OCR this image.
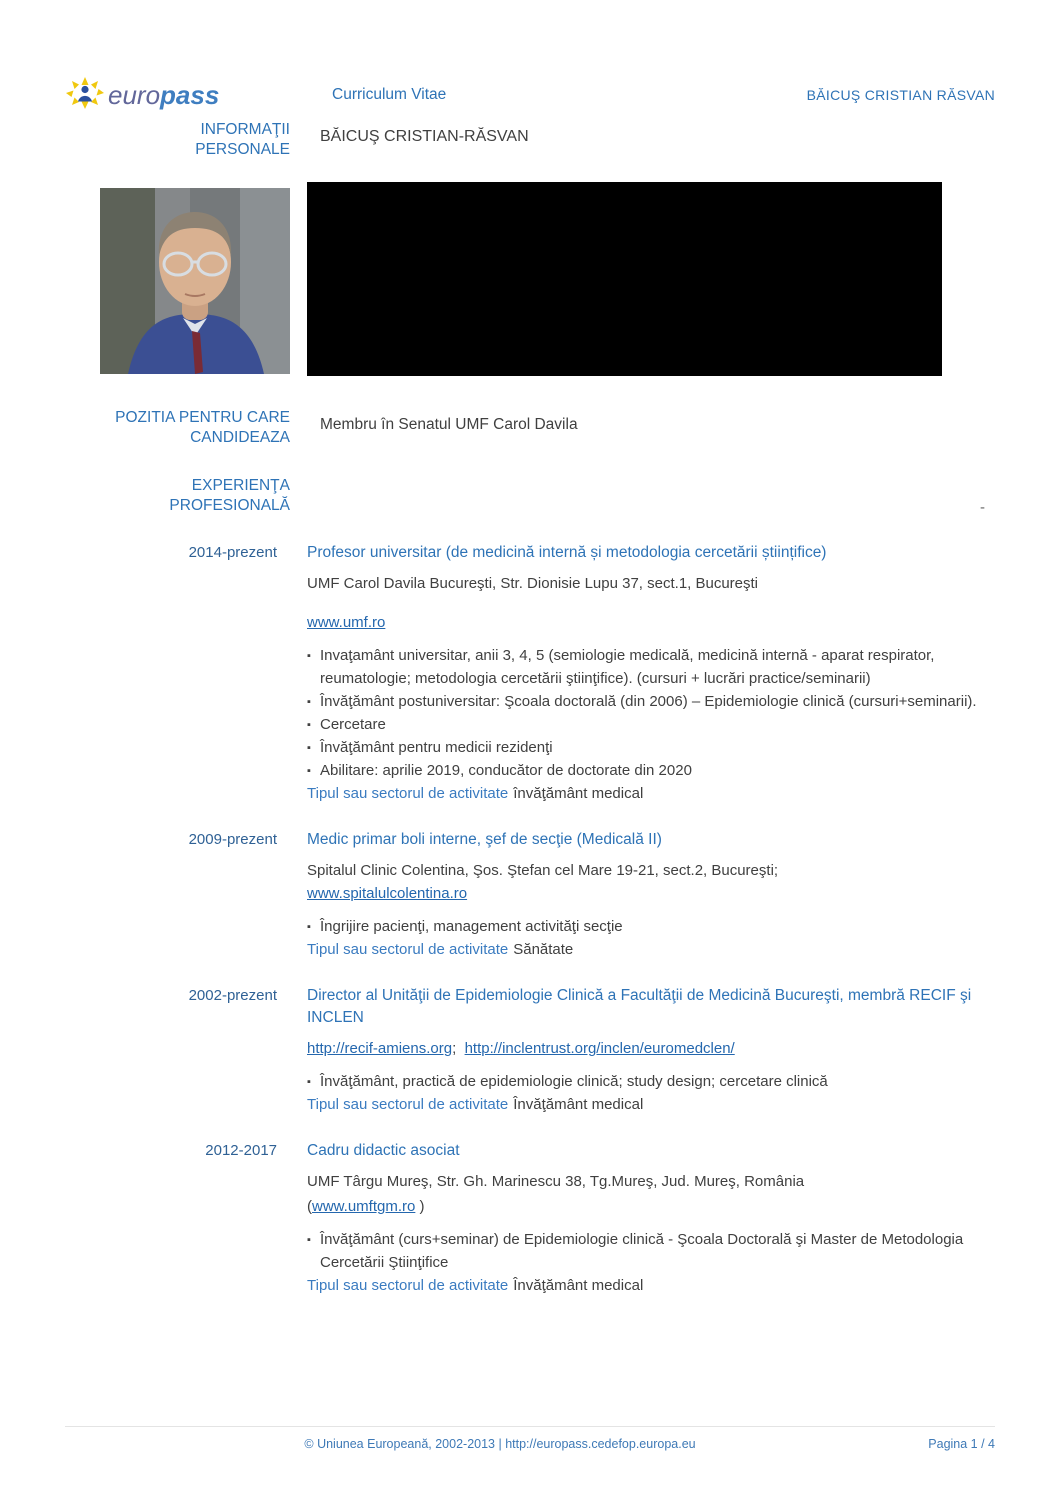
europass	Curriculum Vitae	BĂICUŞ CRISTIAN RĂSVAN
INFORMAŢII
PERSONALE

BĂICUŞ CRISTIAN-RĂSVAN

POZITIA PENTRU CARE
CANDIDEAZA

Membru în Senatul UMF Carol Davila

EXPERIENŢA
PROFESIONALĂ	-
2014-prezent	Profesor universitar (de medicină internă și metodologia cercetării științifice)

UMF Carol Davila Bucureşti, Str. Dionisie Lupu 37, sect.1, Bucureşti

www.umf.ro

▪ Invaţamânt universitar, anii 3, 4, 5 (semiologie medicală, medicină internă - aparat respirator, reumatologie; metodologia cercetării ştiinţifice). (cursuri + lucrări practice/seminarii)
▪ Învăţământ postuniversitar: Şcoala doctorală (din 2006) – Epidemiologie clinică (cursuri+seminarii).
▪ Cercetare
▪ Învăţământ pentru medicii rezidenţi
▪ Abilitare: aprilie 2019, conducător de doctorate din 2020

Tipul sau sectorul de activitate învăţământ medical

2009-prezent	Medic primar boli interne, şef de secţie (Medicală II)

Spitalul Clinic Colentina, Şos. Ştefan cel Mare 19-21, sect.2, Bucureşti;

www.spitalulcolentina.ro

▪ Îngrijire pacienţi, management activităţi secţie

Tipul sau sectorul de activitate Sănătate

2002-prezent	Director al Unităţii de Epidemiologie Clinică a Facultăţii de Medicină Bucureşti, membră RECIF şi INCLEN

http://recif-amiens.org;  http://inclentrust.org/inclen/euromedclen/

▪ Învăţământ, practică de epidemiologie clinică; study design; cercetare clinică

Tipul sau sectorul de activitate Învăţământ medical

2012-2017	Cadru didactic asociat

UMF Târgu Mureş, Str. Gh. Marinescu 38, Tg.Mureş, Jud. Mureş, România

(www.umftgm.ro )

▪ Învăţământ (curs+seminar) de Epidemiologie clinică - Şcoala Doctorală şi Master de Metodologia Cercetării Ştiinţifice

Tipul sau sectorul de activitate Învăţământ medical

© Uniunea Europeană, 2002-2013 | http://europass.cedefop.europa.eu	Pagina 1 / 4
